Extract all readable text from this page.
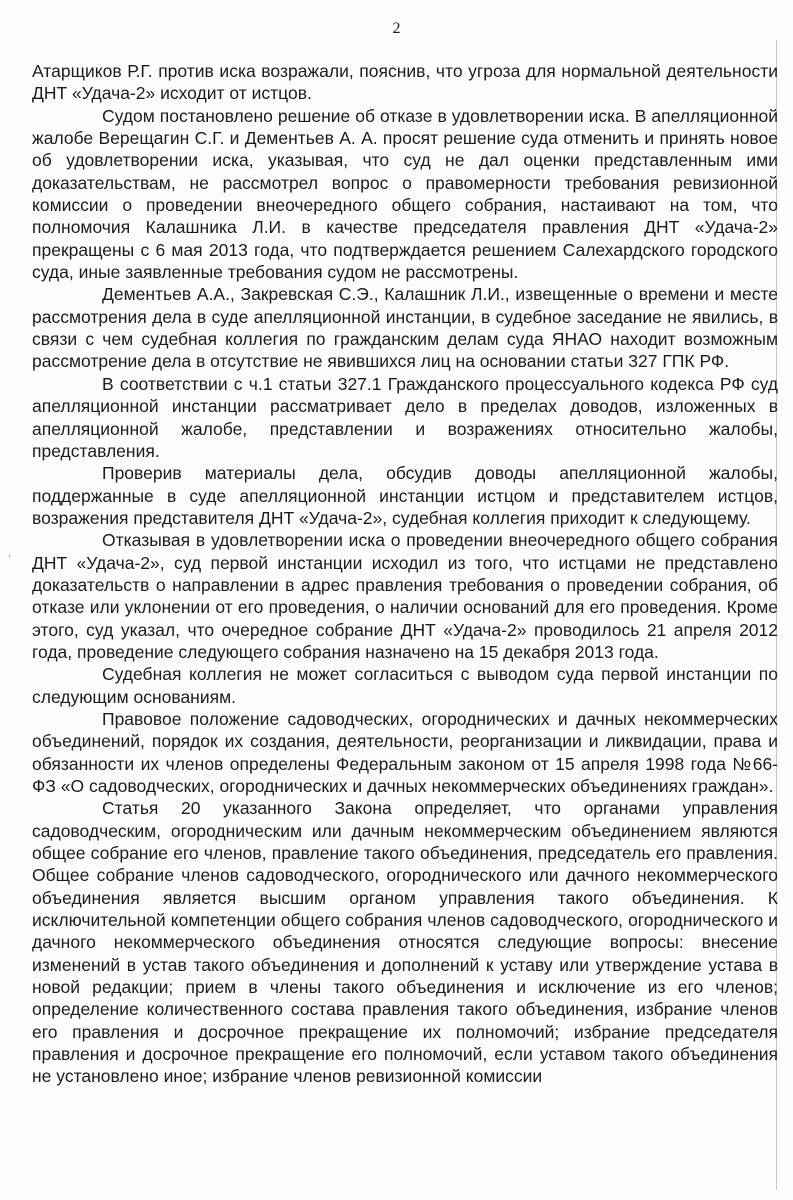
2
,

Атарщиков Р.Г. против иска возражали, пояснив, что угроза для нормальной деятельности ДНТ «Удача-2» исходит от истцов.

Судом постановлено решение об отказе в удовлетворении иска. В апелляционной жалобе Верещагин С.Г. и Дементьев А. А. просят решение суда отменить и принять новое об удовлетворении иска, указывая, что суд не дал оценки представленным ими доказательствам, не рассмотрел вопрос о правомерности требования ревизионной комиссии о проведении внеочередного общего собрания, настаивают на том, что полномочия Калашника Л.И. в качестве председателя правления ДНТ «Удача-2» прекращены с 6 мая 2013 года, что подтверждается решением Салехардского городского суда, иные заявленные требования судом не рассмотрены.

Дементьев А.А., Закревская С.Э., Калашник Л.И., извещенные о времени и месте рассмотрения дела в суде апелляционной инстанции, в судебное заседание не явились, в связи с чем судебная коллегия по гражданским делам суда ЯНАО находит возможным рассмотрение дела в отсутствие не явившихся лиц на основании статьи 327 ГПК РФ.

В соответствии с ч.1 статьи 327.1 Гражданского процессуального кодекса РФ суд апелляционной инстанции рассматривает дело в пределах доводов, изложенных в апелляционной жалобе, представлении и возражениях относительно жалобы, представления.

Проверив материалы дела, обсудив доводы апелляционной жалобы, поддержанные в суде апелляционной инстанции истцом и представителем истцов, возражения представителя ДНТ «Удача-2», судебная коллегия приходит к следующему.

Отказывая в удовлетворении иска о проведении внеочередного общего собрания ДНТ «Удача-2», суд первой инстанции исходил из того, что истцами не представлено доказательств о направлении в адрес правления требования о проведении собрания, об отказе или уклонении от его проведения, о наличии оснований для его проведения. Кроме этого, суд указал, что очередное собрание ДНТ «Удача-2» проводилось 21 апреля 2012 года, проведение следующего собрания назначено на 15 декабря 2013 года.

Судебная коллегия не может согласиться с выводом суда первой инстанции по следующим основаниям.

Правовое положение садоводческих, огороднических и дачных некоммерческих объединений, порядок их создания, деятельности, реорганизации и ликвидации, права и обязанности их членов определены Федеральным законом от 15 апреля 1998 года №66-ФЗ «О садоводческих, огороднических и дачных некоммерческих объединениях граждан».

Статья 20 указанного Закона определяет, что органами управления садоводческим, огородническим или дачным некоммерческим объединением являются общее собрание его членов, правление такого объединения, председатель его правления. Общее собрание членов садоводческого, огороднического или дачного некоммерческого объединения является высшим органом управления такого объединения. К исключительной компетенции общего собрания членов садоводческого, огороднического и дачного некоммерческого объединения относятся следующие вопросы: внесение изменений в устав такого объединения и дополнений к уставу или утверждение устава в новой редакции; прием в члены такого объединения и исключение из его членов; определение количественного состава правления такого объединения, избрание членов его правления и досрочное прекращение их полномочий; избрание председателя правления и досрочное прекращение его полномочий, если уставом такого объединения не установлено иное; избрание членов ревизионной комиссии
